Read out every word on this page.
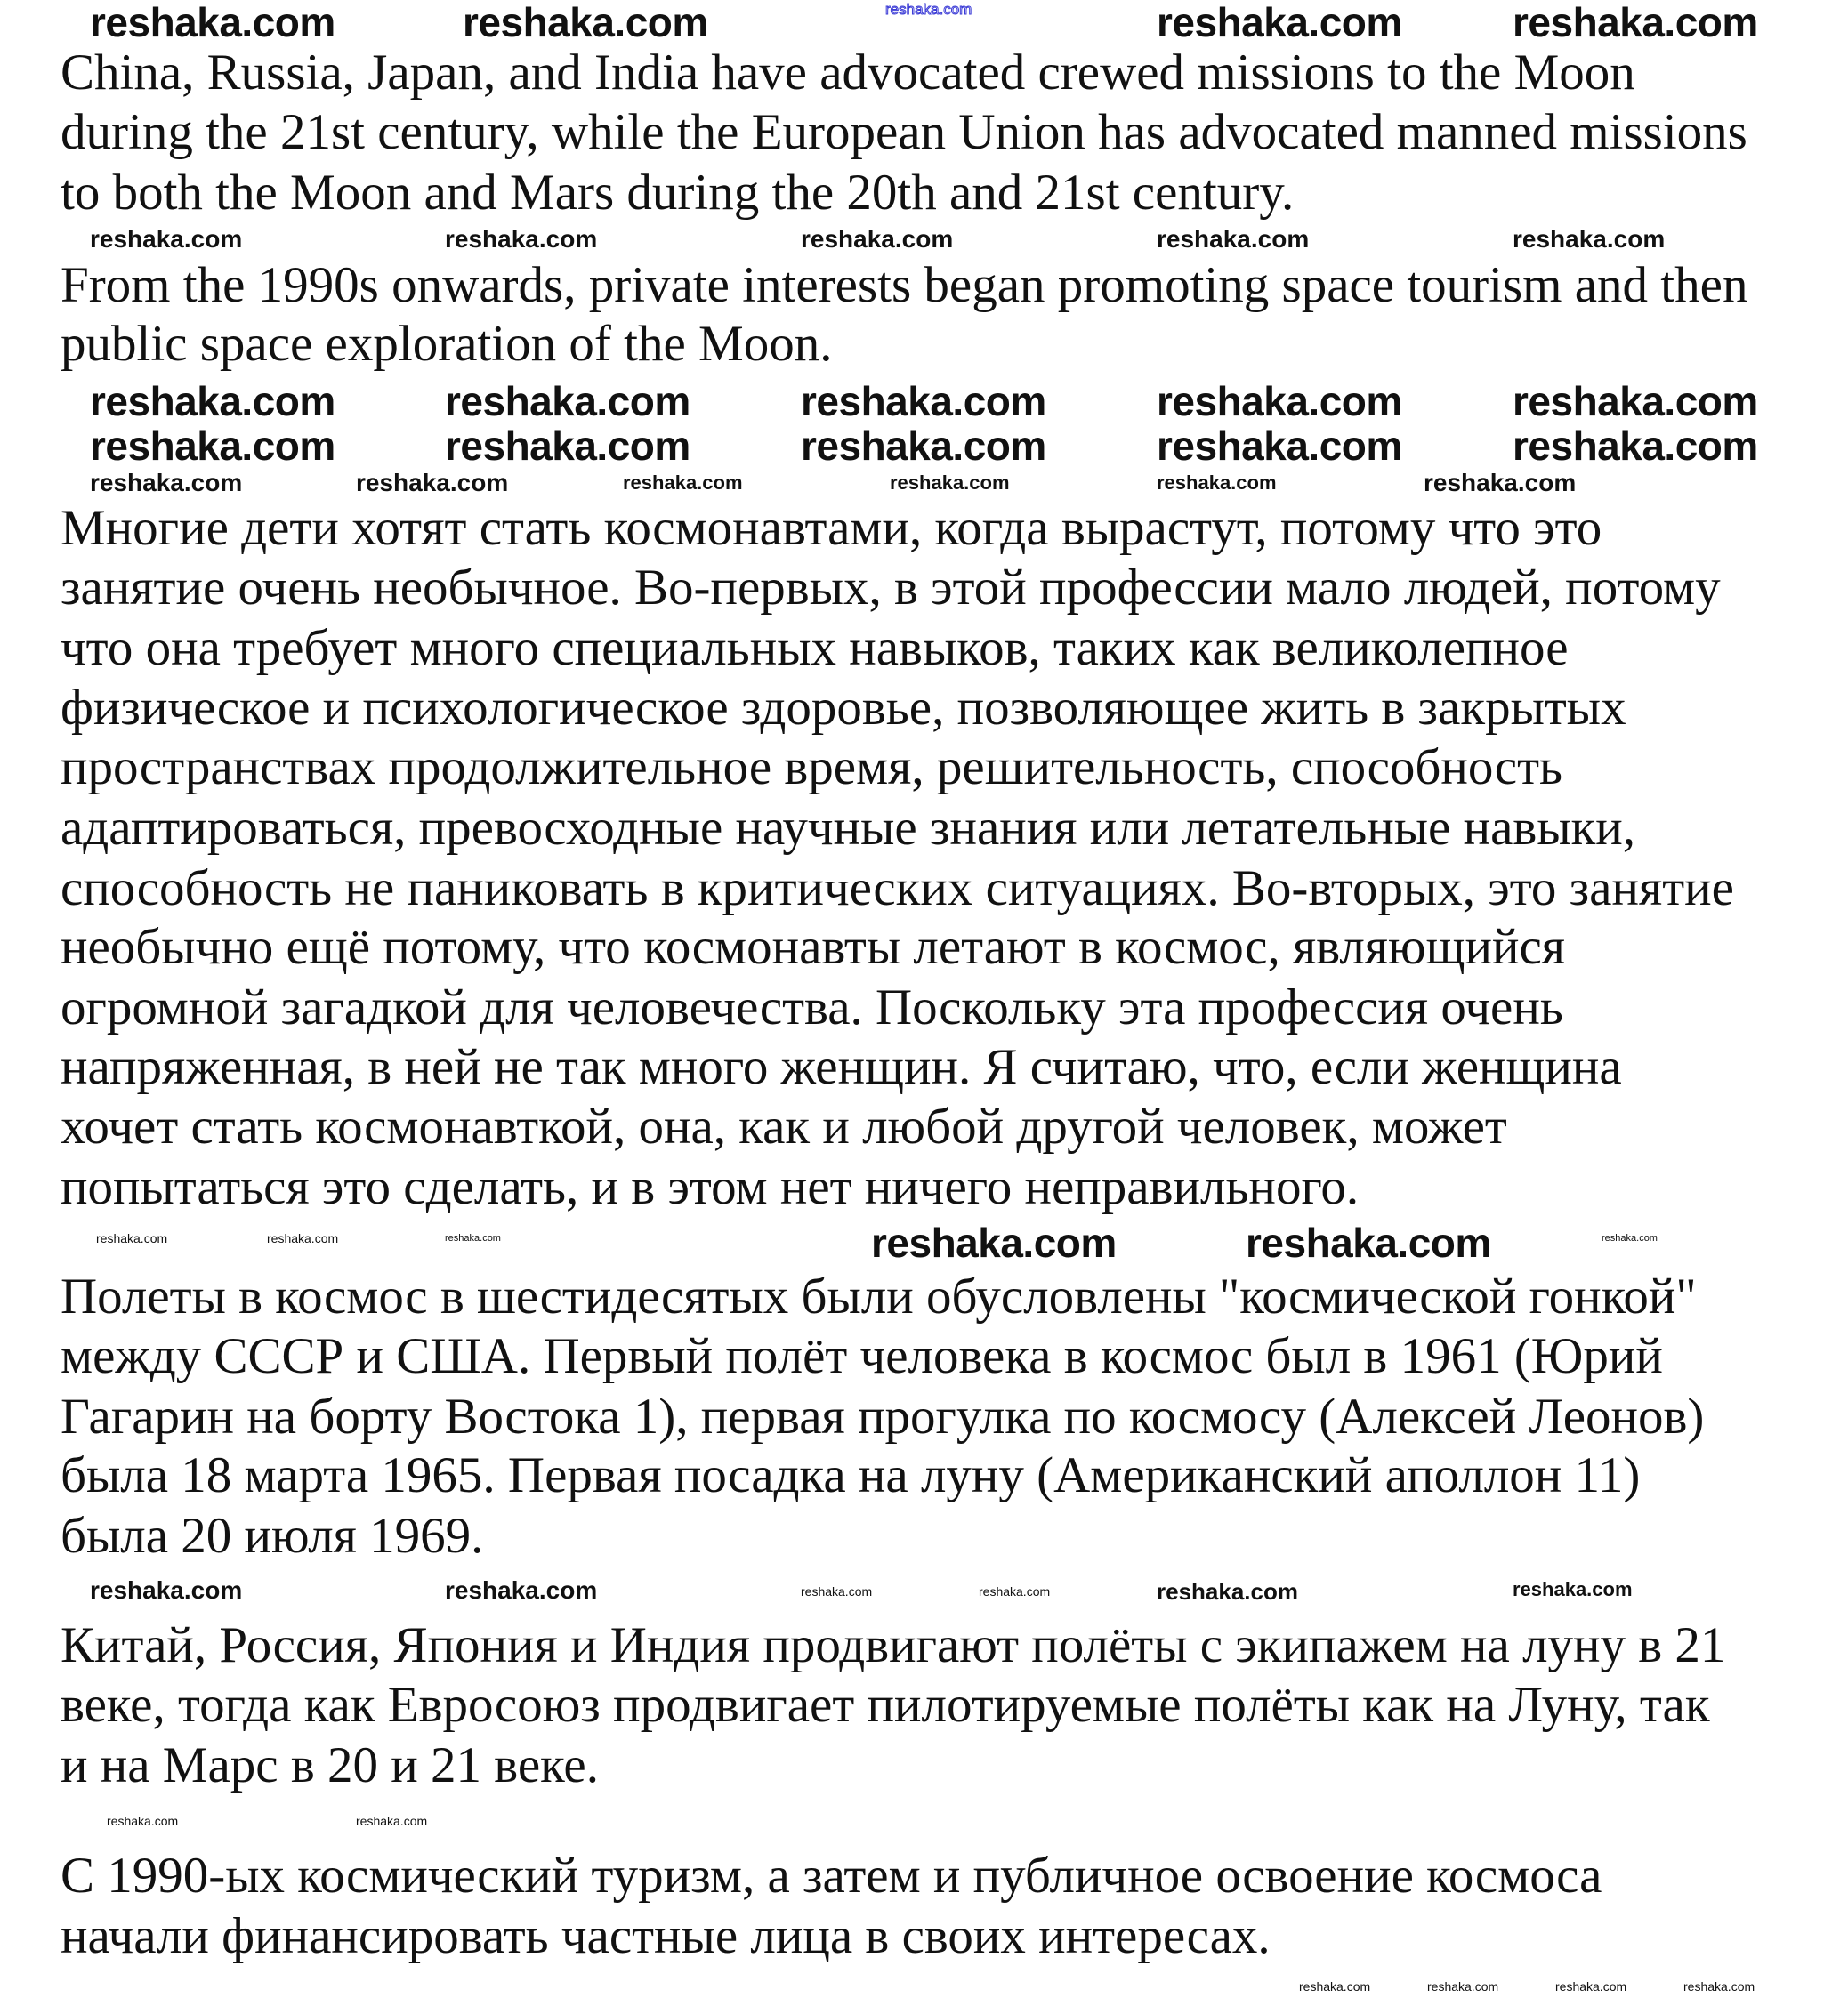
China, Russia, Japan, and India have advocated crewed missions to the Moon
during the 21st century, while the European Union has advocated manned missions
to both the Moon and Mars during the 20th and 21st century.
From the 1990s onwards, private interests began promoting space tourism and then
public space exploration of the Moon.
Многие дети хотят стать космонавтами, когда вырастут, потому что это
занятие очень необычное. Во-первых, в этой профессии мало людей, потому
что она требует много специальных навыков, таких как великолепное
физическое и психологическое здоровье, позволяющее жить в закрытых
пространствах продолжительное время, решительность, способность
адаптироваться, превосходные научные знания или летательные навыки,
способность не паниковать в критических ситуациях. Во-вторых, это занятие
необычно ещё потому, что космонавты летают в космос, являющийся
огромной загадкой для человечества. Поскольку эта профессия очень
напряженная, в ней не так много женщин. Я считаю, что, если женщина
хочет стать космонавткой, она, как и любой другой человек, может
попытаться это сделать, и в этом нет ничего неправильного.
Полеты в космос в шестидесятых были обусловлены "космической гонкой"
между СССР и США. Первый полёт человека в космос был в 1961 (Юрий
Гагарин на борту Востока 1), первая прогулка по космосу (Алексей Леонов)
была 18 марта 1965. Первая посадка на луну (Американский аполлон 11)
была 20 июля 1969.
Китай, Россия, Япония и Индия продвигают полёты с экипажем на луну в 21
веке, тогда как Евросоюз продвигает пилотируемые полёты как на Луну, так
и на Марс в 20 и 21 веке.
С 1990-ых космический туризм, а затем и публичное освоение космоса
начали финансировать частные лица в своих интересах.
reshaka.com
reshaka.com	reshaka.com	reshaka.com	reshaka.com
reshaka.com	reshaka.com	reshaka.com	reshaka.com	reshaka.com
reshaka.com	reshaka.com	reshaka.com	reshaka.com	reshaka.com
reshaka.com	reshaka.com
reshaka.com	reshaka.com	reshaka.com	reshaka.com	reshaka.com
reshaka.com	reshaka.com	reshaka.com	reshaka.com	reshaka.com	reshaka.com
reshaka.com	reshaka.com	reshaka.com	reshaka.com
reshaka.com	reshaka.com	reshaka.com	reshaka.com
reshaka.com	reshaka.com
reshaka.com	reshaka.com
reshaka.com	reshaka.com	reshaka.com	reshaka.com
